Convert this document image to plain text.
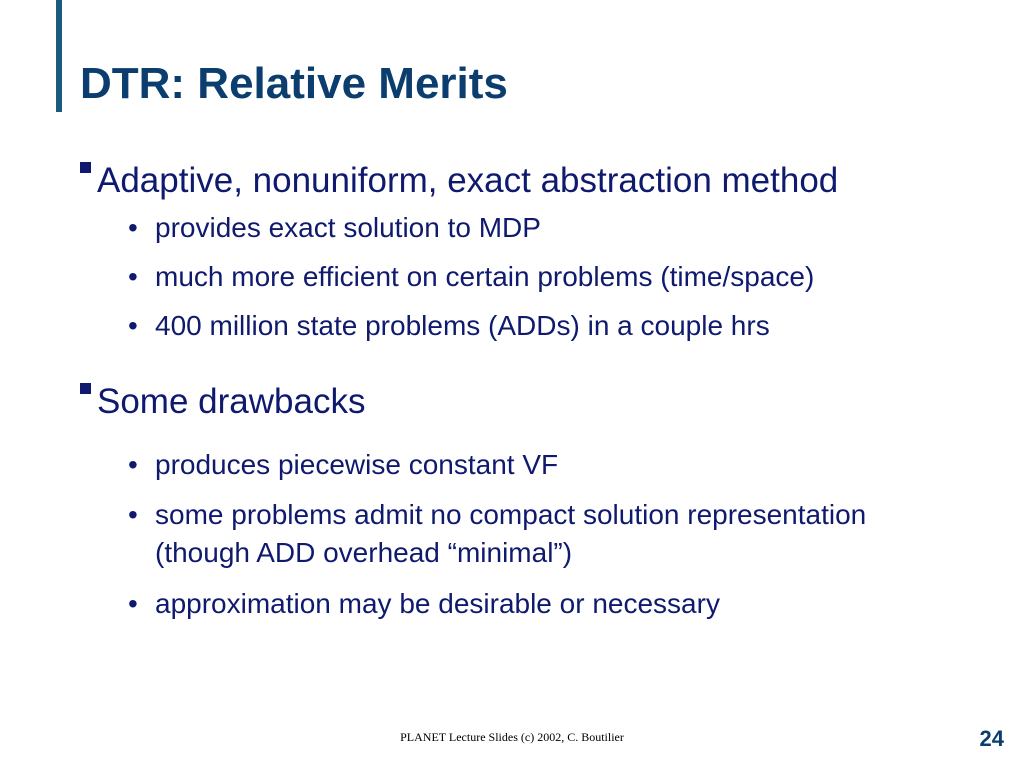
DTR: Relative Merits
Adaptive, nonuniform, exact abstraction method
• provides exact solution to MDP
• much more efficient on certain problems (time/space)
• 400 million state problems (ADDs) in a couple hrs
Some drawbacks
• produces piecewise constant VF
• some problems admit no compact solution representation (though ADD overhead “minimal”)
• approximation may be desirable or necessary
PLANET Lecture Slides (c) 2002, C. Boutilier	24
